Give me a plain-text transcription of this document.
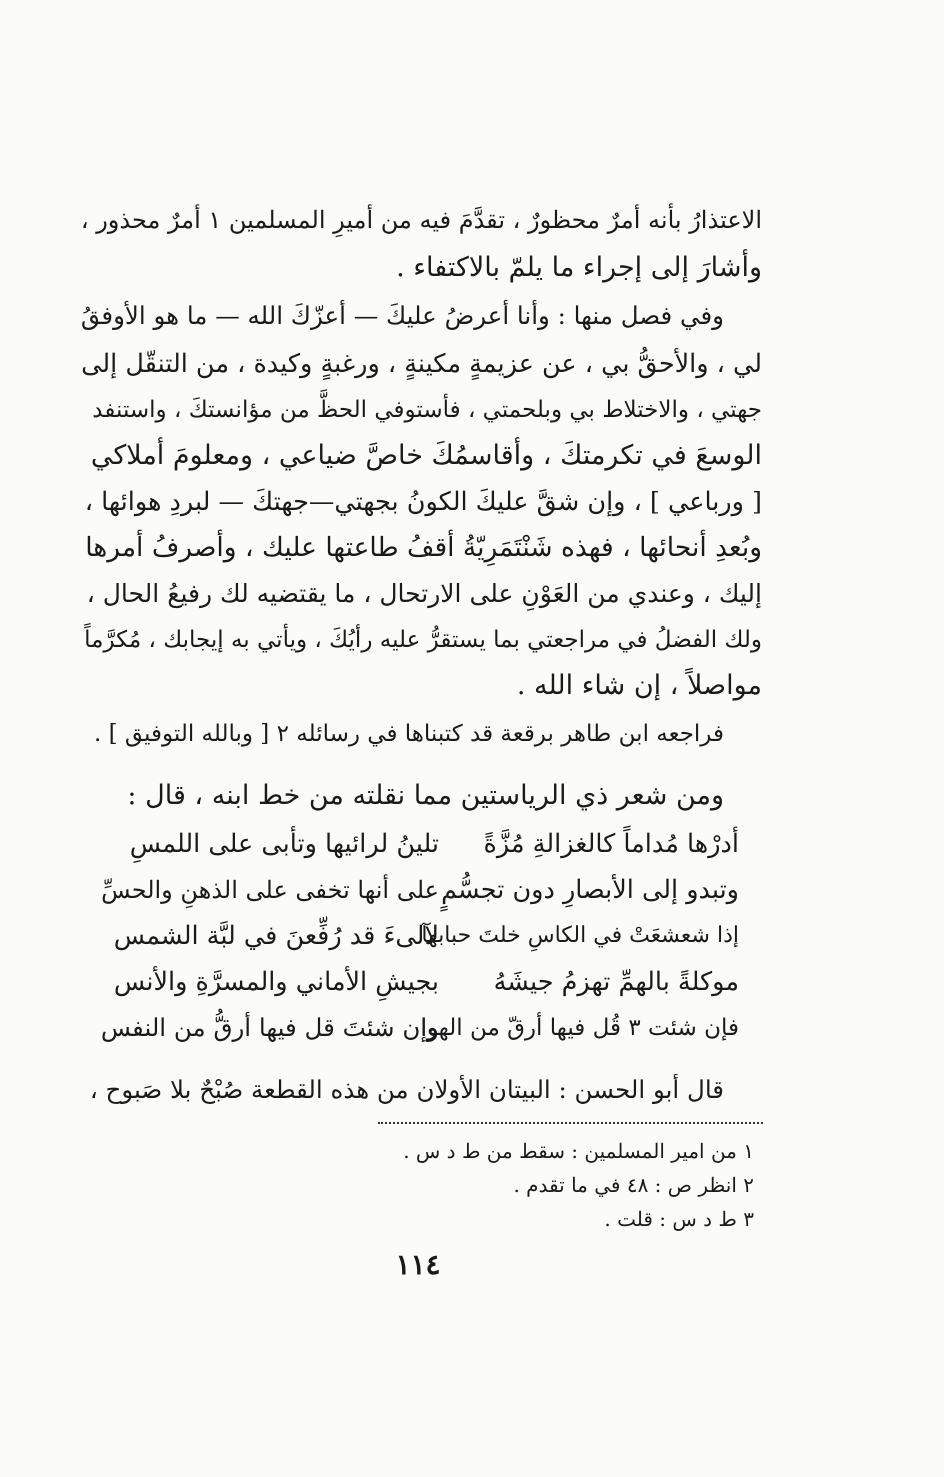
الاعتذارُ بأنه أمرٌ محظورٌ ، تقدَّمَ فيه من أميرِ المسلمين ١ أمرٌ محذور ،
وأشارَ إلى إجراء ما يلمّ بالاكتفاء .
وفي فصل منها : وأنا أعرضُ عليكَ — أعزّكَ الله — ما هو الأوفقُ
لي ، والأحقُّ بي ، عن عزيمةٍ مكينةٍ ، ورغبةٍ وكيدة ، من التنقّل إلى
جهتي ، والاختلاط بي وبلحمتي ، فأستوفي الحظَّ من مؤانستكَ ، واستنفد
الوسعَ في تكرمتكَ ، وأقاسمُكَ خاصَّ ضياعي ، ومعلومَ أملاكي
[ ورباعي ] ، وإن شقَّ عليكَ الكونُ بجهتي—جهتكَ — لبردِ هوائها ،
وبُعدِ أنحائها ، فهذه شَنْتَمَرِيّةُ أقفُ طاعتها عليك ، وأصرفُ أمرها
إليك ، وعندي من العَوْنِ على الارتحال ، ما يقتضيه لك رفيعُ الحال ،
ولك الفضلُ في مراجعتي بما يستقرُّ عليه رأيُكَ ، ويأتي به إيجابك ، مُكرَّماً
مواصلاً ، إن شاء الله .
فراجعه ابن طاهر برقعة قد كتبناها في رسائله ٢ [ وبالله التوفيق ] .
ومن شعر ذي الرياستين مما نقلته من خط ابنه ، قال :
أدرْها مُداماً كالغزالةِ مُزَّةً
تلينُ لرائيها وتأبى على اللمسِ
وتبدو إلى الأبصارِ دون تجسُّمٍ
على أنها تخفى على الذهنِ والحسِّ
إذا شعشعَتْ في الكاسِ خلتَ حبابها
لآلىءَ قد رُفِّعنَ في لبَّة الشمس
موكلةً بالهمِّ تهزمُ جيشَهُ
بجيشِ الأماني والمسرَّةِ والأنس
فإن شئت ٣ قُل فيها أرقّ من الهوا
وإن شئتَ قل فيها أرقُّ من النفس
قال أبو الحسن : البيتان الأولان من هذه القطعة صُبْحٌ بلا صَبوح ،
١ من امير المسلمين : سقط من ط د س .
٢ انظر ص : ٤٨ في ما تقدم .
٣ ط د س : قلت .
١١٤
